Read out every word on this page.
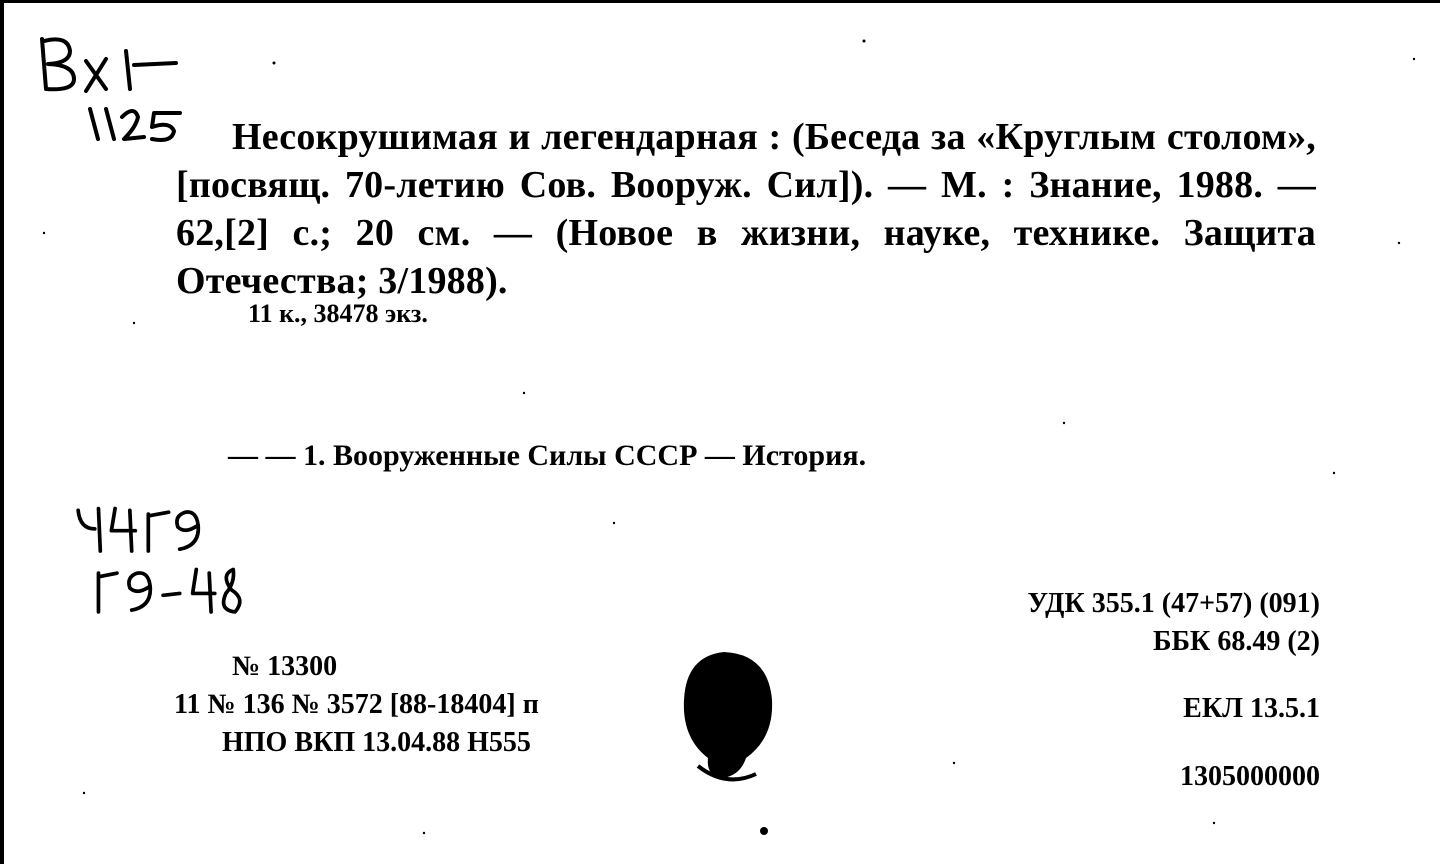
Несокрушимая и легендарная : (Беседа за «Круглым столом», [посвящ. 70-летию Сов. Вооруж. Сил]). — М. : Знание, 1988. — 62,[2] с.; 20 см. — (Новое в жизни, науке, технике. Защита Отечества; 3/1988).
11 к., 38478 экз.
— — 1. Вооруженные Силы СССР — История.
№ 13300
11 № 136 № 3572 [88-18404] п
НПО ВКП 13.04.88 Н555
УДК 355.1 (47+57) (091)
ББК 68.49 (2)
ЕКЛ 13.5.1
1305000000
